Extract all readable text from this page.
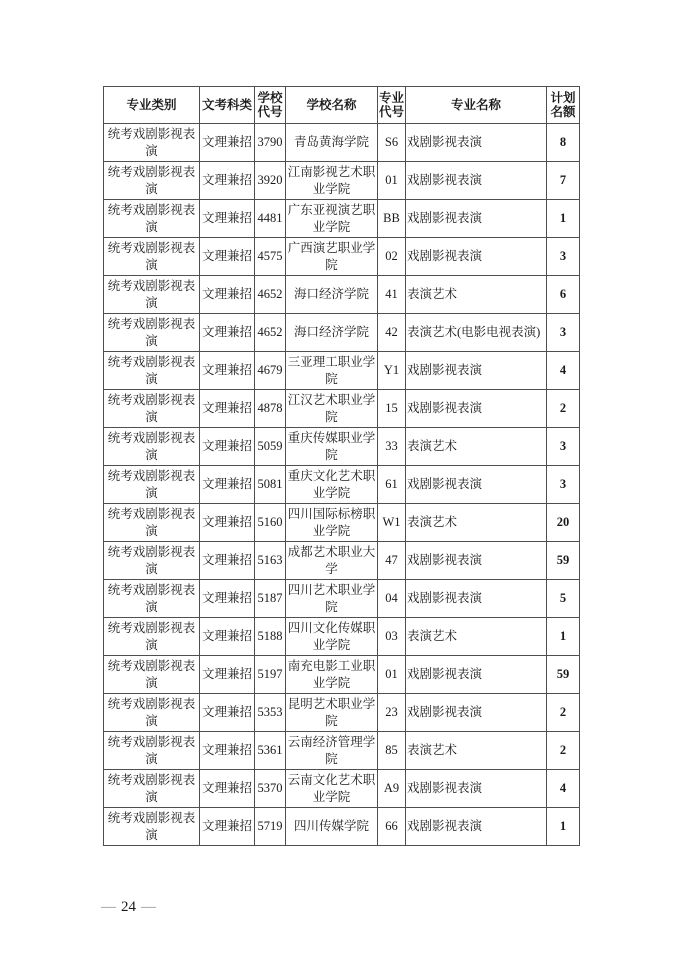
专业类别	文考科类	学校代号	学校名称	专业代号	专业名称	计划名额
统考戏剧影视表演	文理兼招	3790	青岛黄海学院	S6	戏剧影视表演	8
统考戏剧影视表演	文理兼招	3920	江南影视艺术职业学院	01	戏剧影视表演	7
统考戏剧影视表演	文理兼招	4481	广东亚视演艺职业学院	BB	戏剧影视表演	1
统考戏剧影视表演	文理兼招	4575	广西演艺职业学院	02	戏剧影视表演	3
统考戏剧影视表演	文理兼招	4652	海口经济学院	41	表演艺术	6
统考戏剧影视表演	文理兼招	4652	海口经济学院	42	表演艺术(电影电视表演)	3
统考戏剧影视表演	文理兼招	4679	三亚理工职业学院	Y1	戏剧影视表演	4
统考戏剧影视表演	文理兼招	4878	江汉艺术职业学院	15	戏剧影视表演	2
统考戏剧影视表演	文理兼招	5059	重庆传媒职业学院	33	表演艺术	3
统考戏剧影视表演	文理兼招	5081	重庆文化艺术职业学院	61	戏剧影视表演	3
统考戏剧影视表演	文理兼招	5160	四川国际标榜职业学院	W1	表演艺术	20
统考戏剧影视表演	文理兼招	5163	成都艺术职业大学	47	戏剧影视表演	59
统考戏剧影视表演	文理兼招	5187	四川艺术职业学院	04	戏剧影视表演	5
统考戏剧影视表演	文理兼招	5188	四川文化传媒职业学院	03	表演艺术	1
统考戏剧影视表演	文理兼招	5197	南充电影工业职业学院	01	戏剧影视表演	59
统考戏剧影视表演	文理兼招	5353	昆明艺术职业学院	23	戏剧影视表演	2
统考戏剧影视表演	文理兼招	5361	云南经济管理学院	85	表演艺术	2
统考戏剧影视表演	文理兼招	5370	云南文化艺术职业学院	A9	戏剧影视表演	4
统考戏剧影视表演	文理兼招	5719	四川传媒学院	66	戏剧影视表演	1
— 24 —
